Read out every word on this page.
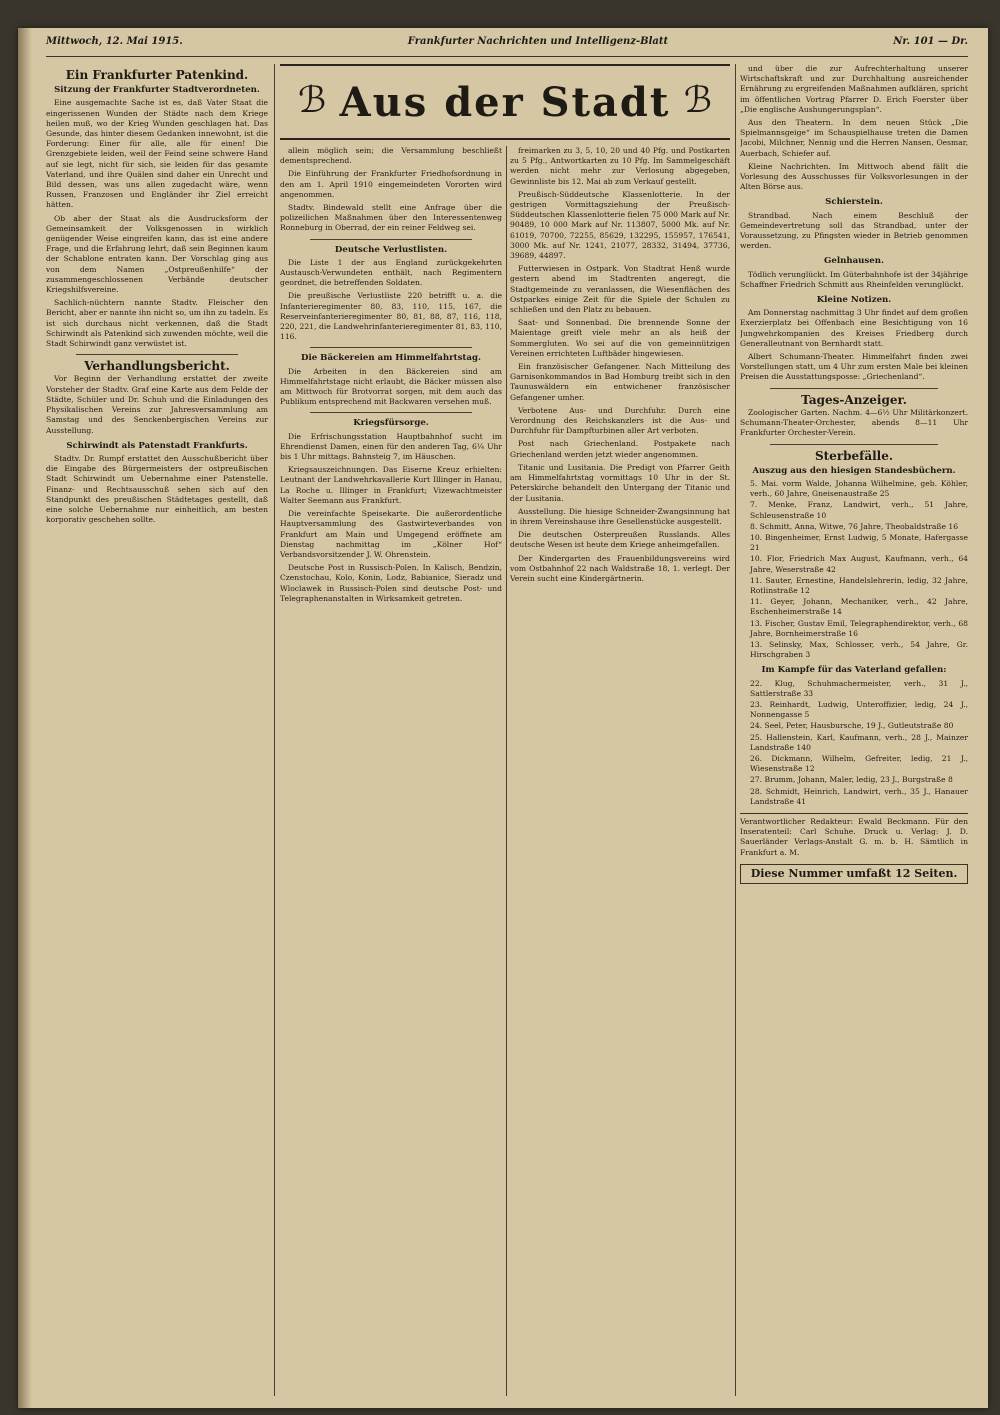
Mittwoch, 12. Mai 1915.	Frankfurter Nachrichten und Intelligenz-Blatt	Nr. 101 — Dr.
ℬ Aus der Stadt ℬ
Ein Frankfurter Patenkind.
Sitzung der Frankfurter Stadtverordneten.

Eine ausgemachte Sache ist es, daß Vater Staat die eingerissenen Wunden der Städte nach dem Kriege heilen muß, wo der Krieg Wunden geschlagen hat. Das Gesunde, das hinter diesem Gedanken innewohnt, ist die Forderung: Einer für alle, alle für einen! Die Grenzgebiete leiden, weil der Feind seine schwere Hand auf sie legt, nicht für sich, sie leiden für das gesamte Vaterland, und ihre Quälen sind daher ein Unrecht und Bild dessen, was uns allen zugedacht wäre, wenn Russen, Franzosen und Engländer ihr Ziel erreicht hätten.

Ob aber der Staat als die Ausdrucksform der Gemeinsamkeit der Volksgenossen in wirklich genügender Weise eingreifen kann, das ist eine andere Frage, und die Erfahrung lehrt, daß sein Beginnen kaum der Schablone entraten kann. Der Vorschlag ging aus von dem Namen „Ostpreußenhilfe“ der zusammengeschlossenen Verbände deutscher Kriegshilfsvereine.

Sachlich-nüchtern nannte Stadtv. Fleischer den Bericht, aber er nannte ihn nicht so, um ihn zu tadeln. Es ist sich durchaus nicht verkennen, daß die Stadt Schirwindt als Patenkind sich zuwenden möchte, weil die Stadt Schirwindt ganz verwüstet ist.

Verhandlungsbericht.

Vor Beginn der Verhandlung erstattet der zweite Vorsteher der Stadtv. Graf eine Karte aus dem Felde der Städte, Schüler und Dr. Schuh und die Einladungen des Physikalischen Vereins zur Jahresversammlung am Samstag und des Senckenbergischen Vereins zur Ausstellung.

Schirwindt als Patenstadt Frankfurts.

Stadtv. Dr. Rumpf erstattet den Ausschußbericht über die Eingabe des Bürgermeisters der ostpreußischen Stadt Schirwindt um Uebernahme einer Patenstelle. Finanz- und Rechtsausschuß sehen sich auf den Standpunkt des preußischen Städtetages gestellt, daß eine solche Uebernahme nur einheitlich, am besten korporativ geschehen sollte.

allein möglich sein; die Versammlung beschließt dementsprechend.

Die Einführung der Frankfurter Friedhofsordnung in den am 1. April 1910 eingemeindeten Vororten wird angenommen.

Stadtv. Bindewald stellt eine Anfrage über die polizeilichen Maßnahmen über den Interessentenweg Ronneburg in Oberrad, der ein reiner Feldweg sei.

Deutsche Verlustlisten.

Die Liste 1 der aus England zurückgekehrten Austausch-Verwundeten enthält, nach Regimentern geordnet, die betreffenden Soldaten.

Die preußische Verlustliste 220 betrifft u. a. die Infanterieregimenter 80, 83, 110, 115, 167, die Reserveinfanterieregimenter 80, 81, 88, 87, 116, 118, 220, 221, die Landwehrinfanterieregimenter 81, 83, 110, 116.

Die Bäckereien am Himmelfahrtstag.

Die Arbeiten in den Bäckereien sind am Himmelfahrtstage nicht erlaubt, die Bäcker müssen also am Mittwoch für Brotvorrat sorgen, mit dem auch das Publikum entsprechend mit Backwaren versehen muß.

Kriegsfürsorge.

Die Erfrischungsstation Hauptbahnhof sucht im Ehrendienst Damen, einen für den anderen Tag, 6¼ Uhr bis 1 Uhr mittags. Bahnsteig 7, im Häuschen.

Kriegsauszeichnungen. Das Eiserne Kreuz erhielten: Leutnant der Landwehrkavallerie Kurt Illinger in Hanau, La Roche u. Illinger in Frankfurt; Vizewachtmeister Walter Seemann aus Frankfurt.

Die vereinfachte Speisekarte. Die außerordentliche Hauptversammlung des Gastwirteverbandes von Frankfurt am Main und Umgegend eröffnete am Dienstag nachmittag im „Kölner Hof“ Verbandsvorsitzender J. W. Ohrenstein.

Deutsche Post in Russisch-Polen. In Kalisch, Bendzin, Czenstochau, Kolo, Konin, Lodz, Babianice, Sieradz und Wloclawek in Russisch-Polen sind deutsche Post- und Telegraphenanstalten in Wirksamkeit getreten.

freimarken zu 3, 5, 10, 20 und 40 Pfg. und Postkarten zu 5 Pfg., Antwortkarten zu 10 Pfg. Im Sammelgeschäft werden nicht mehr zur Verlosung abgegeben, Gewinnliste bis 12. Mai ab zum Verkauf gestellt.

Preußisch-Süddeutsche Klassenlotterie. In der gestrigen Vormittagsziehung der Preußisch-Süddeutschen Klassenlotterie fielen 75 000 Mark auf Nr. 90489, 10 000 Mark auf Nr. 113807, 5000 Mk. auf Nr. 61019, 70700, 72255, 85629, 132295, 155957, 176541, 3000 Mk. auf Nr. 1241, 21077, 28332, 31494, 37736, 39689, 44897.

Futterwiesen in Ostpark. Von Stadtrat Henß wurde gestern abend im Stadtrenten angeregt, die Stadtgemeinde zu veranlassen, die Wiesenflächen des Ostparkes einige Zeit für die Spiele der Schulen zu schließen und den Platz zu bebauen.

Saat- und Sonnenbad. Die brennende Sonne der Maientage greift viele mehr an als heiß der Sommergluten. Wo sei auf die von gemeinnützigen Vereinen errichteten Luftbäder hingewiesen.

Ein französischer Gefangener. Nach Mitteilung des Garnisonkommandos in Bad Homburg treibt sich in den Taunuswäldern ein entwichener französischer Gefangener umher.

Verbotene Aus- und Durchfuhr. Durch eine Verordnung des Reichskanzlers ist die Aus- und Durchfuhr für Dampfturbinen aller Art verboten.

Post nach Griechenland. Postpakete nach Griechenland werden jetzt wieder angenommen.

Titanic und Lusitania. Die Predigt von Pfarrer Geith am Himmelfahrtstag vormittags 10 Uhr in der St. Peterskirche behandelt den Untergang der Titanic und der Lusitania.

Ausstellung. Die hiesige Schneider-Zwangsinnung hat in ihrem Vereinshause ihre Gesellenstücke ausgestellt.

Die deutschen Osterpreußen Russlands. Alles deutsche Wesen ist heute dem Kriege anheimgefallen.

Der Kindergarten des Frauenbildungsvereins wird vom Ostbahnhof 22 nach Waldstraße 18, 1. verlegt. Der Verein sucht eine Kindergärtnerin.

und über die zur Aufrechterhaltung unserer Wirtschaftskraft und zur Durchhaltung ausreichender Ernährung zu ergreifenden Maßnahmen aufklären, spricht im öffentlichen Vortrag Pfarrer D. Erich Foerster über „Die englische Aushungerungsplan“.

Aus den Theatern. In dem neuen Stück „Die Spielmannsgeige“ im Schauspielhause treten die Damen Jacobi, Milchner, Nennig und die Herren Nansen, Oesmar, Auerbach, Schiefer auf.

Kleine Nachrichten. Im Mittwoch abend fällt die Vorlesung des Ausschusses für Volksvorlesungen in der Alten Börse aus.

Schierstein.

Strandbad. Nach einem Beschluß der Gemeindevertretung soll das Strandbad, unter der Voraussetzung, zu Pfingsten wieder in Betrieb genommen werden.

Gelnhausen.

Tödlich verunglückt. Im Güterbahnhofe ist der 34jährige Schaffner Friedrich Schmitt aus Rheinfelden verunglückt.

Kleine Notizen.

Am Donnerstag nachmittag 3 Uhr findet auf dem großen Exerzierplatz bei Offenbach eine Besichtigung von 16 Jungwehrkompanien des Kreises Friedberg durch Generalleutnant von Bernhardt statt.

Albert Schumann-Theater. Himmelfahrt finden zwei Vorstellungen statt, um 4 Uhr zum ersten Male bei kleinen Preisen die Ausstattungsposse: „Griechenland“.

Tages-Anzeiger.

Zoologischer Garten. Nachm. 4—6½ Uhr Militärkonzert. Schumann-Theater-Orchester, abends 8—11 Uhr Frankfurter Orchester-Verein.

Sterbefälle.
Auszug aus den hiesigen Standesbüchern.

5. Mai. vorm Walde, Johanna Wilhelmine, geb. Köhler, verh., 60 Jahre, Gneisenaustraße 25

7. Menke, Franz, Landwirt, verh., 51 Jahre, Schleusenstraße 10

8. Schmitt, Anna, Witwe, 76 Jahre, Theobaldstraße 16

10. Bingenheimer, Ernst Ludwig, 5 Monate, Hafergasse 21

10. Flor, Friedrich Max August, Kaufmann, verh., 64 Jahre, Weserstraße 42

11. Sauter, Ernestine, Handelslehrerin, ledig, 32 Jahre, Rotlinstraße 12

11. Geyer, Johann, Mechaniker, verh., 42 Jahre, Eschenheimerstraße 14

13. Fischer, Gustav Emil, Telegraphendirektor, verh., 68 Jahre, Bornheimerstraße 16

13. Selinsky, Max, Schlosser, verh., 54 Jahre, Gr. Hirschgraben 3

Im Kampfe für das Vaterland gefallen:

22. Klug, Schuhmachermeister, verh., 31 J., Sattlerstraße 33

23. Reinhardt, Ludwig, Unteroffizier, ledig, 24 J., Nonnengasse 5

24. Seel, Peter, Hausbursche, 19 J., Gutleutstraße 80

25. Hallenstein, Karl, Kaufmann, verh., 28 J., Mainzer Landstraße 140

26. Dickmann, Wilhelm, Gefreiter, ledig, 21 J., Wiesenstraße 12

27. Brumm, Johann, Maler, ledig, 23 J., Burgstraße 8

28. Schmidt, Heinrich, Landwirt, verh., 35 J., Hanauer Landstraße 41

Verantwortlicher Redakteur: Ewald Beckmann. Für den Inseratenteil: Carl Schuhe. Druck u. Verlag: J. D. Sauerländer Verlags-Anstalt G. m. b. H. Sämtlich in Frankfurt a. M.
Diese Nummer umfaßt 12 Seiten.
